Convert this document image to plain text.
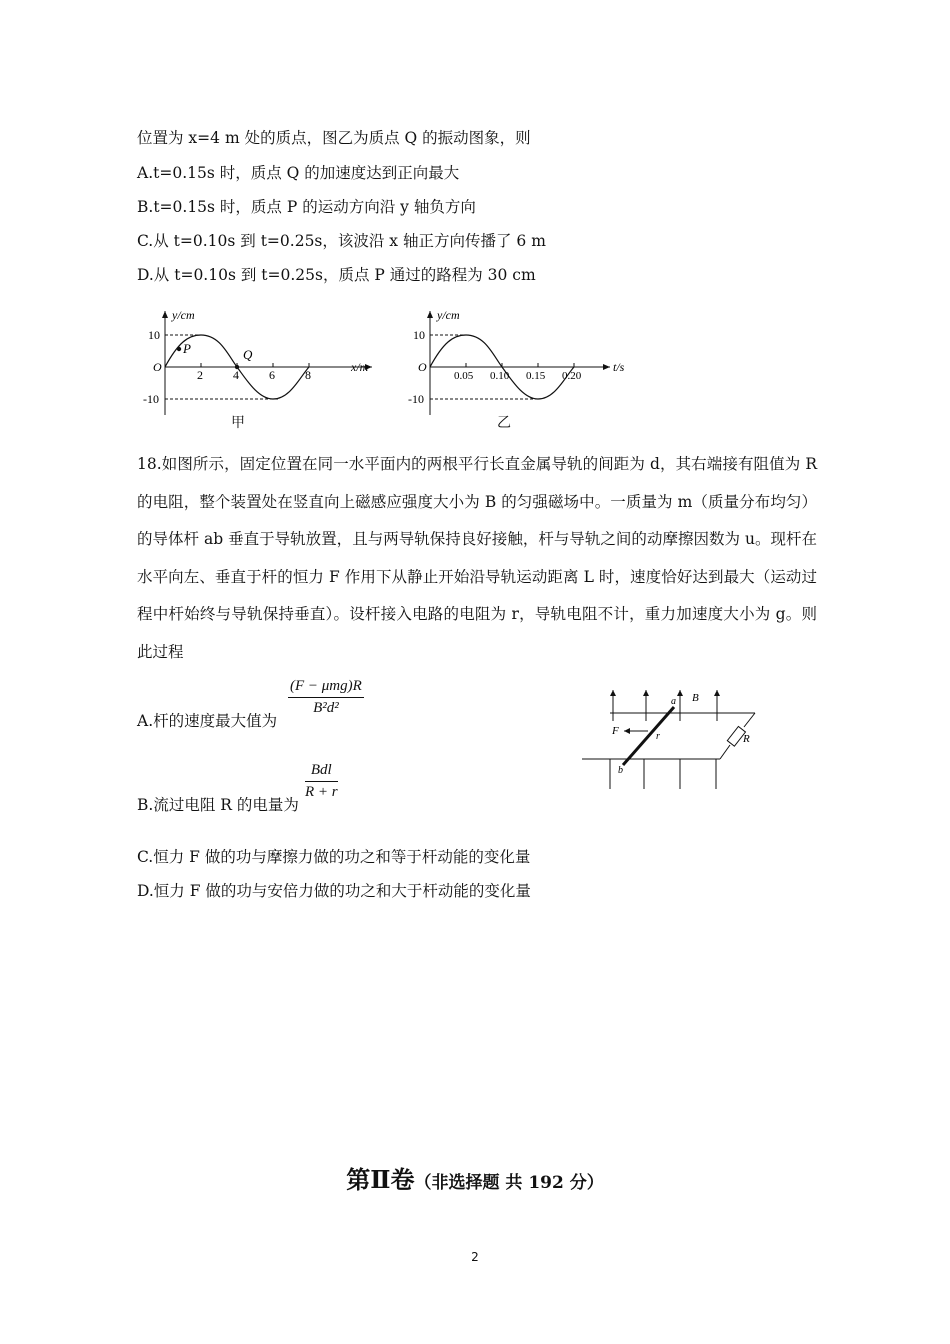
位置为 x=4 m 处的质点，图乙为质点 Q 的振动图象，则
A.t=0.15s 时，质点 Q 的加速度达到正向最大
B.t=0.15s 时，质点 P 的运动方向沿 y 轴负方向
C.从 t=0.10s 到 t=0.25s，该波沿 x 轴正方向传播了 6 m
D.从 t=0.10s 到 t=0.25s，质点 P 通过的路程为 30 cm
y/cm
x/m
O
10
-10
2	4	6	8
P	Q
甲
y/cm
t/s
O
10
-10
0.05 0.10 0.15 0.20
乙
18.如图所示，固定位置在同一水平面内的两根平行长直金属导轨的间距为 d，其右端接有阻值为 R 的电阻，整个装置处在竖直向上磁感应强度大小为 B 的匀强磁场中。一质量为 m（质量分布均匀）的导体杆 ab 垂直于导轨放置，且与两导轨保持良好接触，杆与导轨之间的动摩擦因数为 u。现杆在水平向左、垂直于杆的恒力 F 作用下从静止开始沿导轨运动距离 L 时，速度恰好达到最大（运动过程中杆始终与导轨保持垂直）。设杆接入电路的电阻为 r，导轨电阻不计，重力加速度大小为 g。则此过程
A.杆的速度最大值为
(F − μmg)R
B²d²
B.流过电阻 R 的电量为
Bdl
R + r
C.恒力 F 做的功与摩擦力做的功之和等于杆动能的变化量
D.恒力 F 做的功与安倍力做的功之和大于杆动能的变化量
a
b
B
F	r	R
第Ⅱ卷（非选择题 共 192 分）
2
